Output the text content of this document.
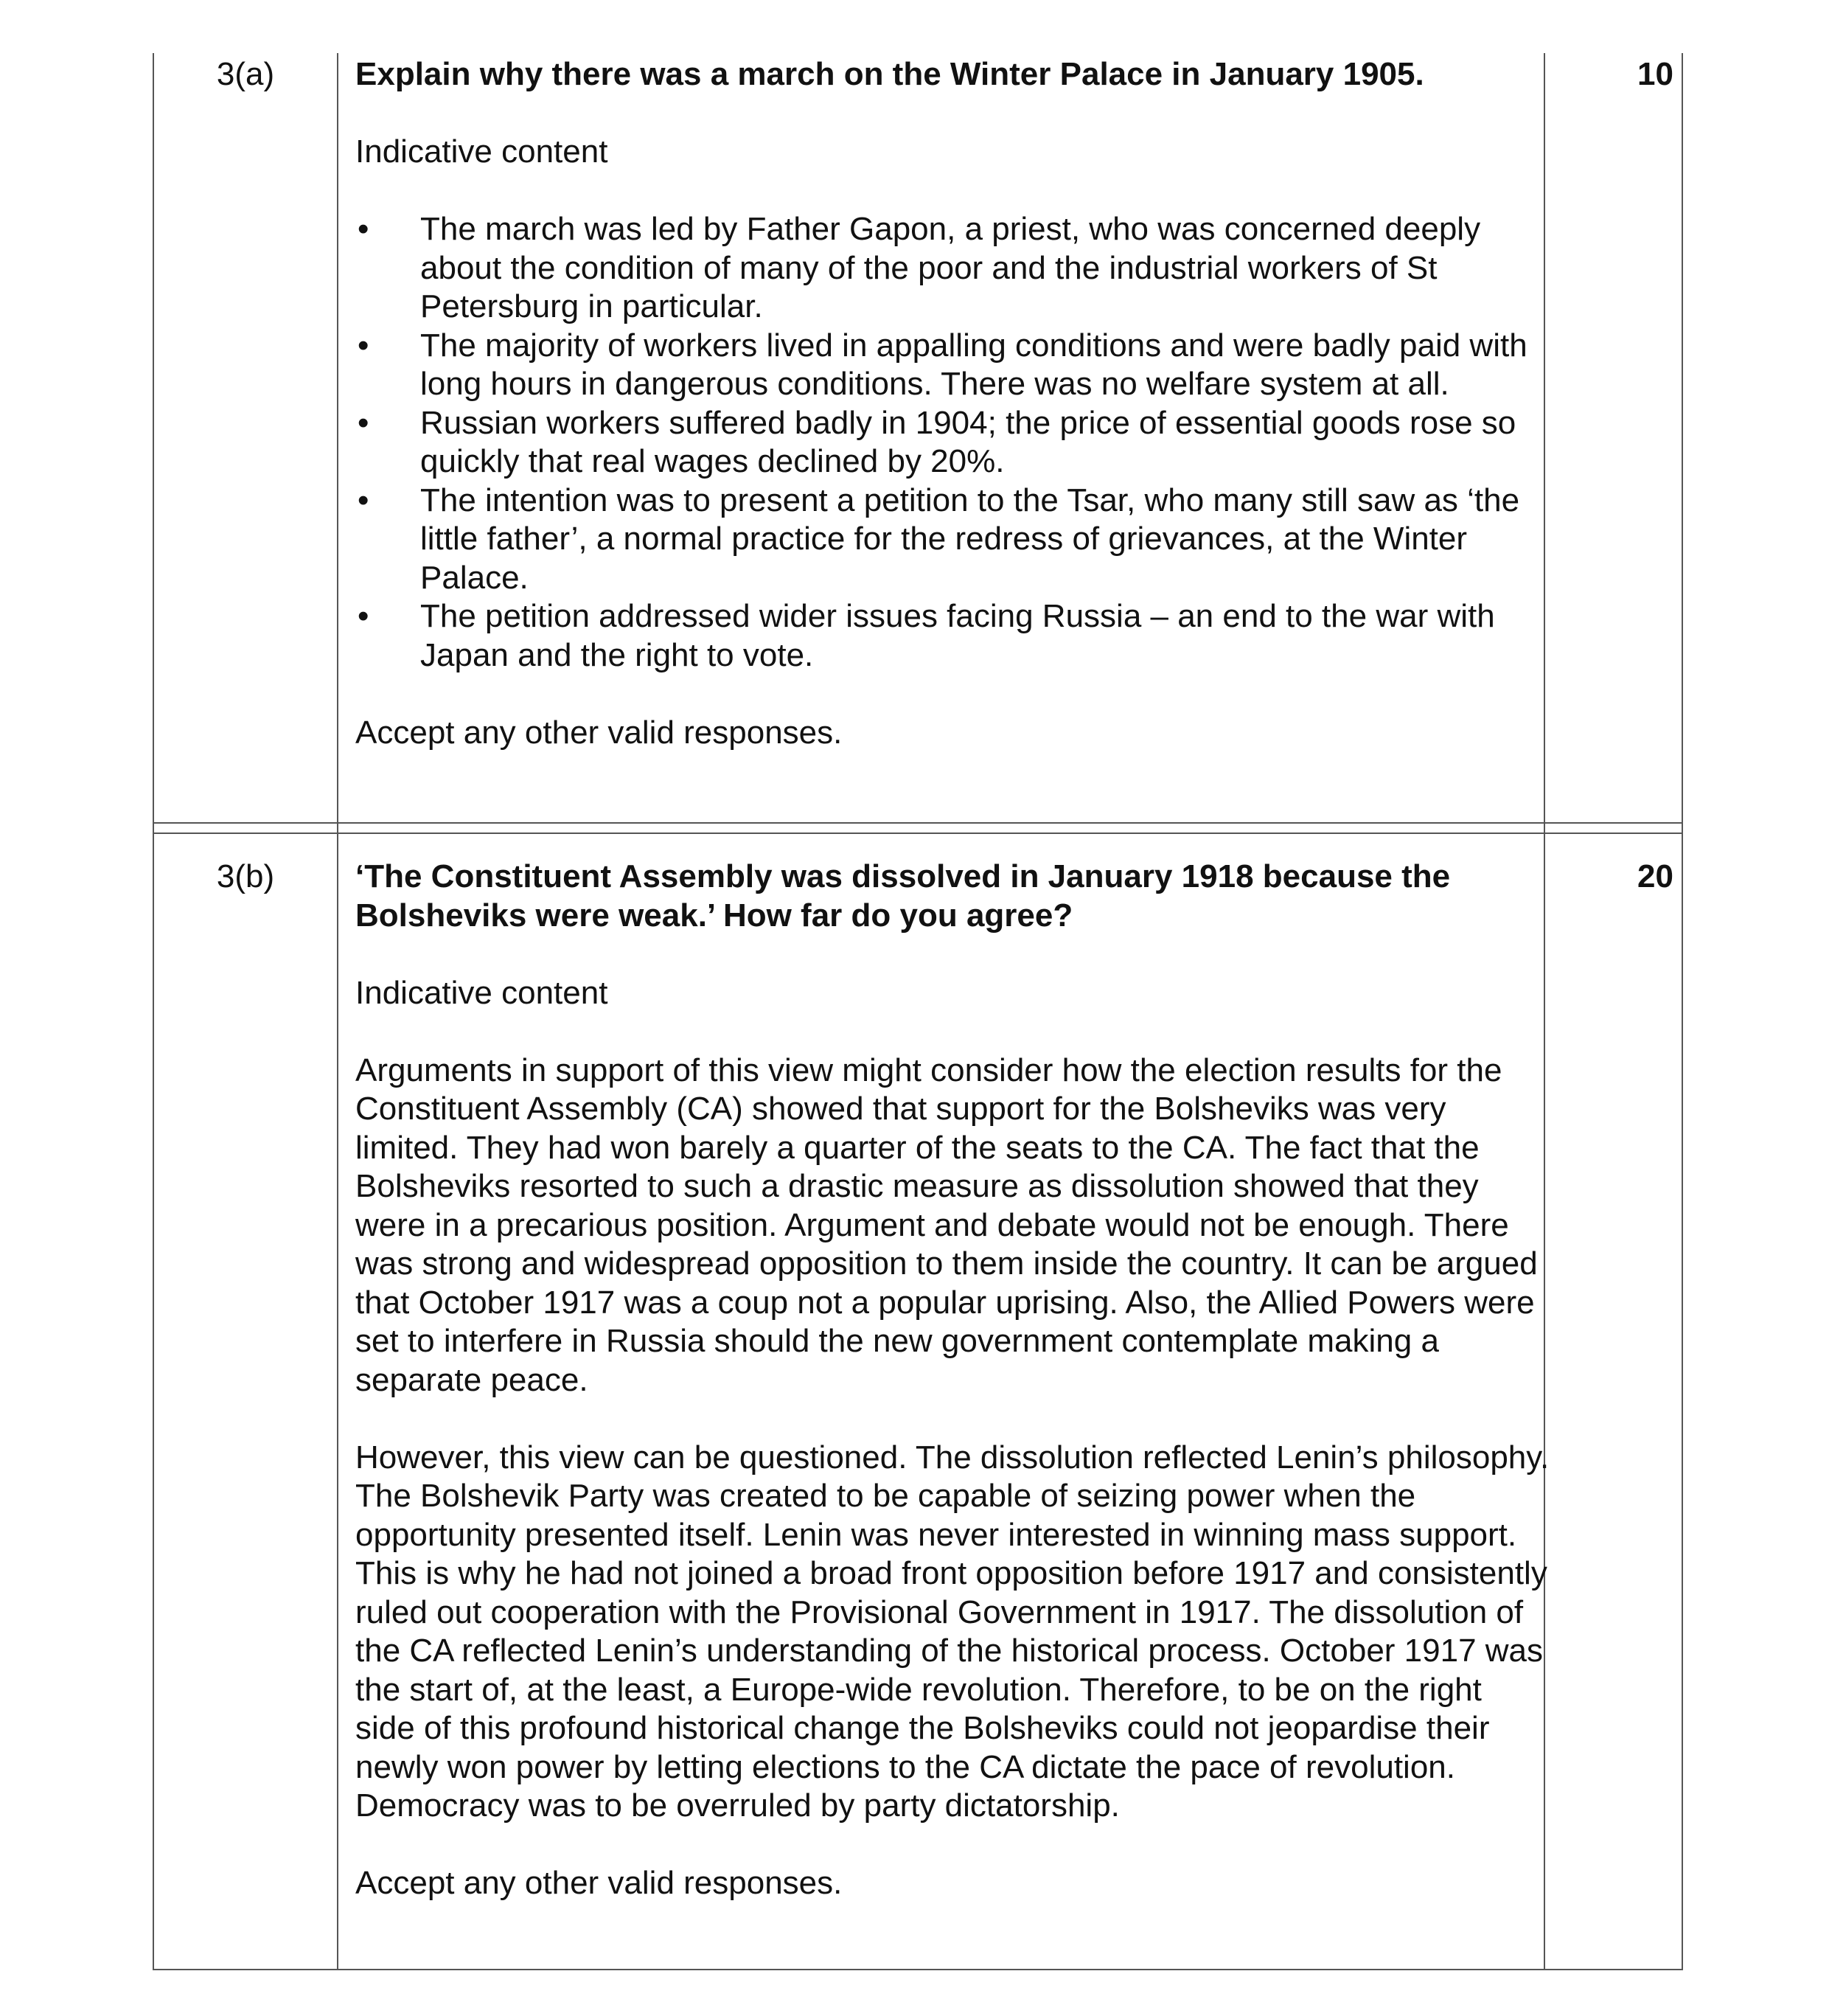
3(a)	10

Explain why there was a march on the Winter Palace in January 1905.

Indicative content

• The march was led by Father Gapon, a priest, who was concerned deeply about the condition of many of the poor and the industrial workers of St Petersburg in particular.
• The majority of workers lived in appalling conditions and were badly paid with long hours in dangerous conditions. There was no welfare system at all.
• Russian workers suffered badly in 1904; the price of essential goods rose so quickly that real wages declined by 20%.
• The intention was to present a petition to the Tsar, who many still saw as ‘the little father’, a normal practice for the redress of grievances, at the Winter Palace.
• The petition addressed wider issues facing Russia – an end to the war with Japan and the right to vote.

Accept any other valid responses.

3(b)	20

‘The Constituent Assembly was dissolved in January 1918 because the Bolsheviks were weak.’ How far do you agree?

Indicative content

Arguments in support of this view might consider how the election results for the Constituent Assembly (CA) showed that support for the Bolsheviks was very limited. They had won barely a quarter of the seats to the CA. The fact that the Bolsheviks resorted to such a drastic measure as dissolution showed that they were in a precarious position. Argument and debate would not be enough. There was strong and widespread opposition to them inside the country. It can be argued that October 1917 was a coup not a popular uprising. Also, the Allied Powers were set to interfere in Russia should the new government contemplate making a separate peace.

However, this view can be questioned. The dissolution reflected Lenin’s philosophy. The Bolshevik Party was created to be capable of seizing power when the opportunity presented itself. Lenin was never interested in winning mass support. This is why he had not joined a broad front opposition before 1917 and consistently ruled out cooperation with the Provisional Government in 1917. The dissolution of the CA reflected Lenin’s understanding of the historical process. October 1917 was the start of, at the least, a Europe-wide revolution. Therefore, to be on the right side of this profound historical change the Bolsheviks could not jeopardise their newly won power by letting elections to the CA dictate the pace of revolution. Democracy was to be overruled by party dictatorship.

Accept any other valid responses.
